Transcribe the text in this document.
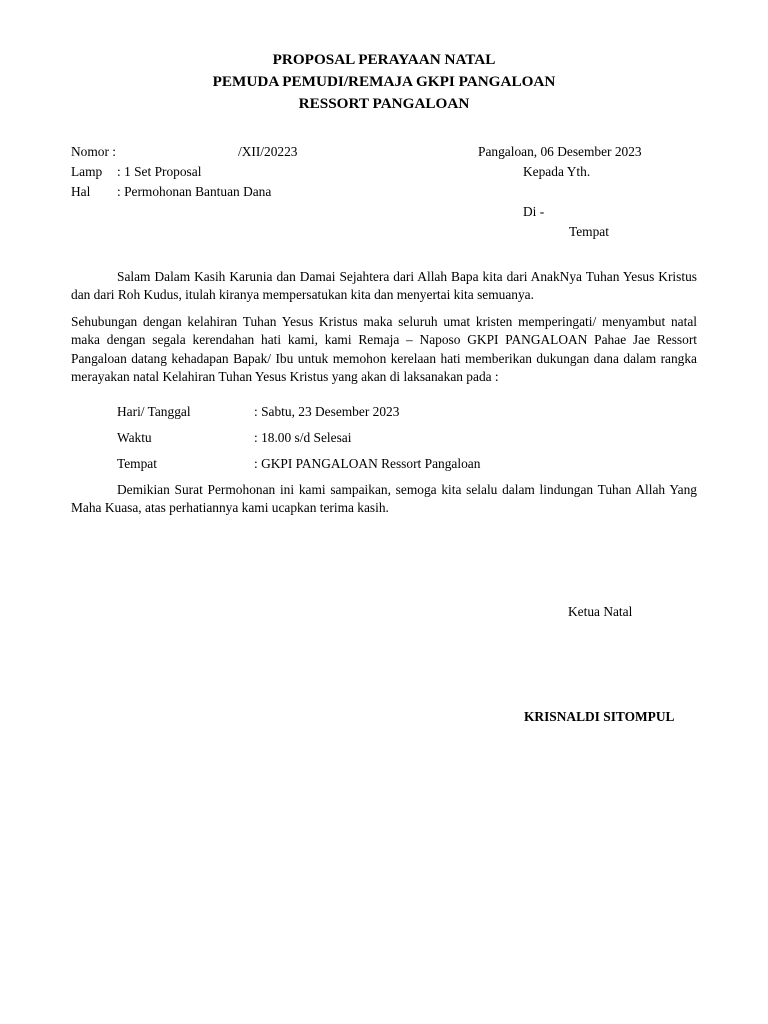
PROPOSAL PERAYAAN NATAL
PEMUDA PEMUDI/REMAJA GKPI PANGALOAN
RESSORT PANGALOAN
Nomor :	/XII/20223	Pangaloan, 06 Desember 2023
Lamp : 1 Set Proposal	Kepada Yth.
Hal : Permohonan Bantuan Dana
Di -
Tempat
Salam Dalam Kasih Karunia dan Damai Sejahtera dari Allah Bapa kita dari AnakNya Tuhan Yesus Kristus dan dari Roh Kudus, itulah kiranya mempersatukan kita dan menyertai kita semuanya.
Sehubungan dengan kelahiran Tuhan Yesus Kristus maka seluruh umat kristen memperingati/ menyambut natal maka dengan segala kerendahan hati kami, kami Remaja – Naposo GKPI PANGALOAN Pahae Jae Ressort Pangaloan datang kehadapan Bapak/ Ibu untuk memohon kerelaan hati memberikan dukungan dana dalam rangka merayakan natal Kelahiran Tuhan Yesus Kristus yang akan di laksanakan pada :
Hari/ Tanggal	: Sabtu, 23 Desember 2023
Waktu	: 18.00 s/d Selesai
Tempat	: GKPI PANGALOAN Ressort Pangaloan
Demikian Surat Permohonan ini kami sampaikan, semoga kita selalu dalam lindungan Tuhan Allah Yang Maha Kuasa, atas perhatiannya kami ucapkan terima kasih.
Ketua Natal
KRISNALDI SITOMPUL
